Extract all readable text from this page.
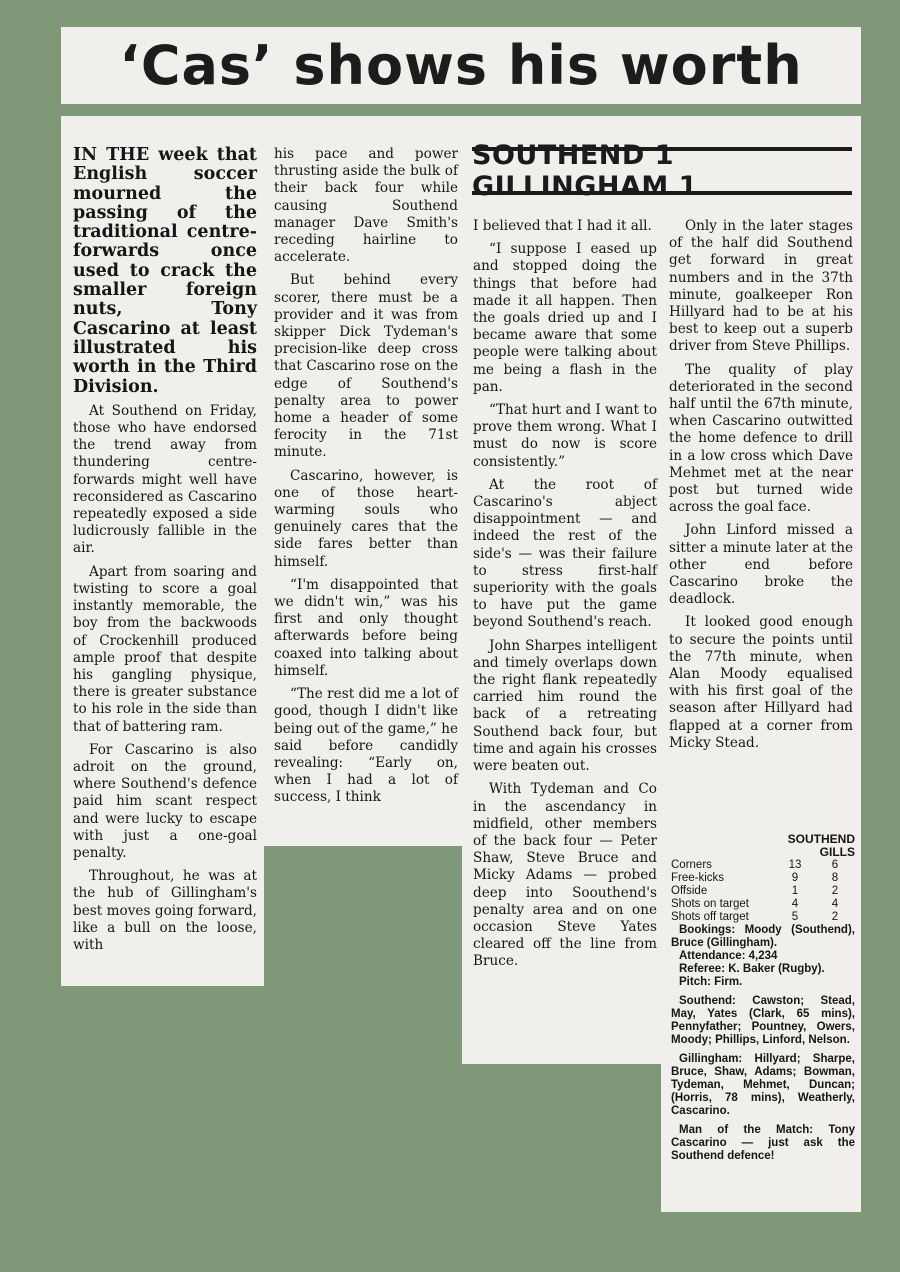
‘Cas’ shows his worth
SOUTHEND 1 GILLINGHAM 1

IN THE week that English soccer mourned the passing of the traditional centre-forwards once used to crack the smaller foreign nuts, Tony Cascarino at least illustrated his worth in the Third Division.

At Southend on Friday, those who have endorsed the trend away from thundering centre-forwards might well have reconsidered as Cascarino repeatedly exposed a side ludicrously fallible in the air.

Apart from soaring and twisting to score a goal instantly memorable, the boy from the backwoods of Crockenhill produced ample proof that despite his gangling physique, there is greater substance to his role in the side than that of battering ram.

For Cascarino is also adroit on the ground, where Southend's defence paid him scant respect and were lucky to escape with just a one-goal penalty.

Throughout, he was at the hub of Gillingham's best moves going forward, like a bull on the loose, with

his pace and power thrusting aside the bulk of their back four while causing Southend manager Dave Smith's receding hairline to accelerate.

But behind every scorer, there must be a provider and it was from skipper Dick Tydeman's precision-like deep cross that Cascarino rose on the edge of Southend's penalty area to power home a header of some ferocity in the 71st minute.

Cascarino, however, is one of those heart-warming souls who genuinely cares that the side fares better than himself.

“I'm disappointed that we didn't win,” was his first and only thought afterwards before being coaxed into talking about himself.

“The rest did me a lot of good, though I didn't like being out of the game,” he said before candidly revealing: “Early on, when I had a lot of success, I think

I believed that I had it all.

“I suppose I eased up and stopped doing the things that before had made it all happen. Then the goals dried up and I became aware that some people were talking about me being a flash in the pan.

“That hurt and I want to prove them wrong. What I must do now is score consistently.”

At the root of Cascarino's abject disappointment — and indeed the rest of the side's — was their failure to stress first-half superiority with the goals to have put the game beyond Southend's reach.

John Sharpes intelligent and timely overlaps down the right flank repeatedly carried him round the back of a retreating Southend back four, but time and again his crosses were beaten out.

With Tydeman and Co in the ascendancy in midfield, other members of the back four — Peter Shaw, Steve Bruce and Micky Adams — probed deep into Soouthend's penalty area and on one occasion Steve Yates cleared off the line from Bruce.

Only in the later stages of the half did Southend get forward in great numbers and in the 37th minute, goalkeeper Ron Hillyard had to be at his best to keep out a superb driver from Steve Phillips.

The quality of play deteriorated in the second half until the 67th minute, when Cascarino outwitted the home defence to drill in a low cross which Dave Mehmet met at the near post but turned wide across the goal face.

John Linford missed a sitter a minute later at the other end before Cascarino broke the deadlock.

It looked good enough to secure the points until the 77th minute, when Alan Moody equalised with his first goal of the season after Hillyard had flapped at a corner from Micky Stead.

	SOUTHEND GILLS	
Corners	13	6
Free-kicks	9	8
Offside	1	2
Shots on target	4	4
Shots off target	5	2

Bookings: Moody (Southend), Bruce (Gillingham).

Attendance: 4,234

Referee: K. Baker (Rugby).

Pitch: Firm.

Southend: Cawston; Stead, May, Yates (Clark, 65 mins), Pennyfather; Pountney, Owers, Moody; Phillips, Linford, Nelson.

Gillingham: Hillyard; Sharpe, Bruce, Shaw, Adams; Bowman, Tydeman, Mehmet, Duncan; (Horris, 78 mins), Weatherly, Cascarino.

Man of the Match: Tony Cascarino — just ask the Southend defence!
